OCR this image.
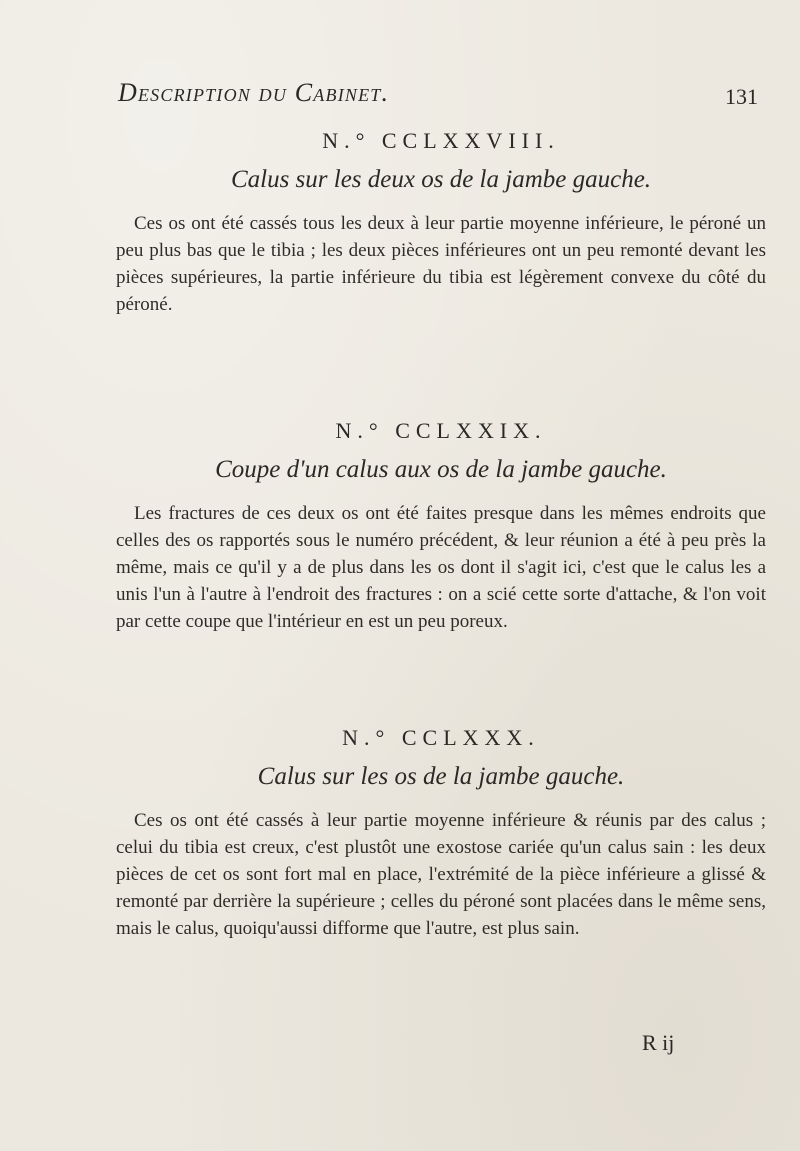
Description du Cabinet.	131

N.° CCLXXVIII.

Calus sur les deux os de la jambe gauche.

Ces os ont été cassés tous les deux à leur partie moyenne inférieure, le péroné un peu plus bas que le tibia ; les deux pièces inférieures ont un peu remonté devant les pièces supérieures, la partie inférieure du tibia est légèrement convexe du côté du péroné.

N.° CCLXXIX.

Coupe d'un calus aux os de la jambe gauche.

Les fractures de ces deux os ont été faites presque dans les mêmes endroits que celles des os rapportés sous le numéro précédent, & leur réunion a été à peu près la même, mais ce qu'il y a de plus dans les os dont il s'agit ici, c'est que le calus les a unis l'un à l'autre à l'endroit des fractures : on a scié cette sorte d'attache, & l'on voit par cette coupe que l'intérieur en est un peu poreux.

N.° CCLXXX.

Calus sur les os de la jambe gauche.

Ces os ont été cassés à leur partie moyenne inférieure & réunis par des calus ; celui du tibia est creux, c'est plustôt une exostose cariée qu'un calus sain : les deux pièces de cet os sont fort mal en place, l'extrémité de la pièce inférieure a glissé & remonté par derrière la supérieure ; celles du péroné sont placées dans le même sens, mais le calus, quoiqu'aussi difforme que l'autre, est plus sain.

R ij
